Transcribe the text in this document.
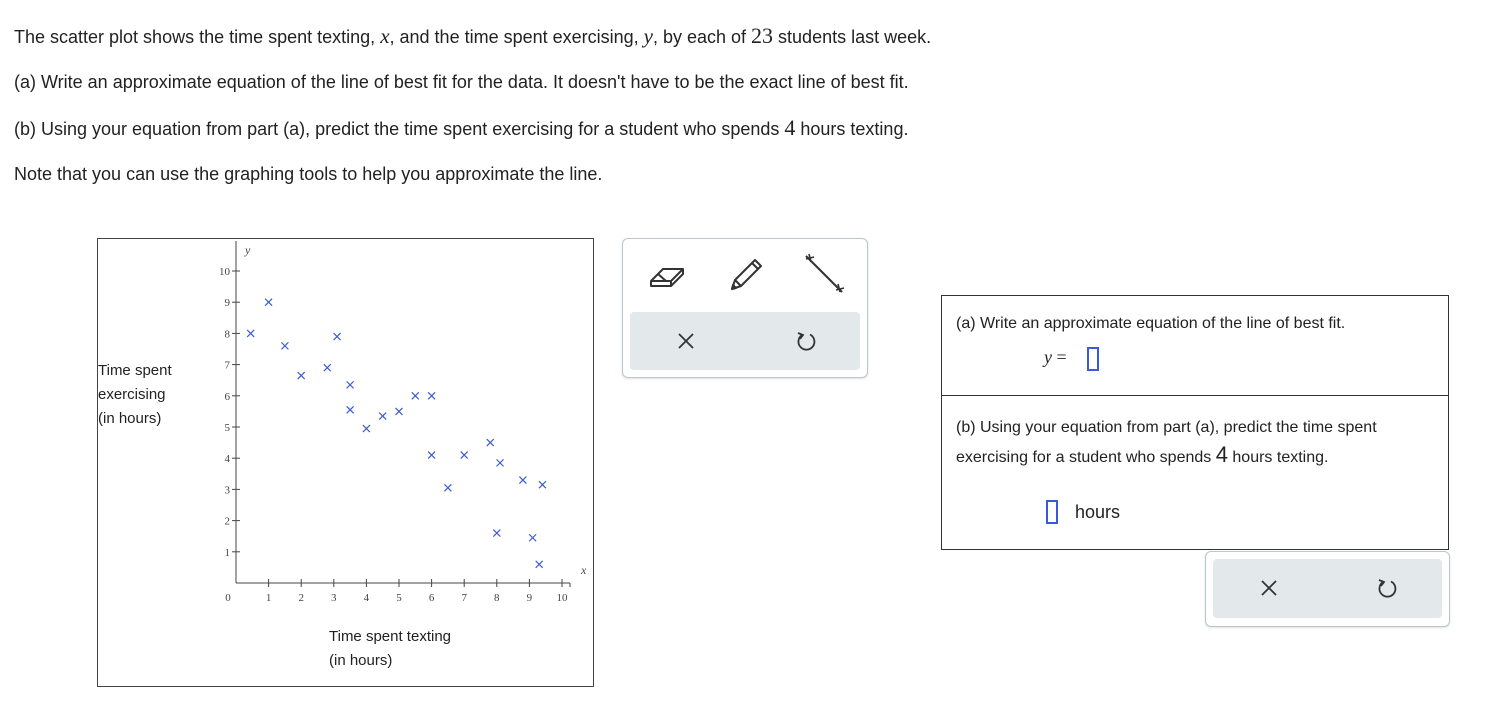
The scatter plot shows the time spent texting, x, and the time spent exercising, y, by each of 23 students last week.
(a) Write an approximate equation of the line of best fit for the data. It doesn't have to be the exact line of best fit.
(b) Using your equation from part (a), predict the time spent exercising for a student who spends 4 hours texting.
Note that you can use the graphing tools to help you approximate the line.
1 2 3 4 5 6 7 8 9 10
1
2
3
4
5
6
7
8
9
10
0
y
x
Time spent
exercising
(in hours)
Time spent texting
(in hours)
(a) Write an approximate equation of the line of best fit.
y =
(b) Using your equation from part (a), predict the time spent exercising for a student who spends 4 hours texting.
hours
